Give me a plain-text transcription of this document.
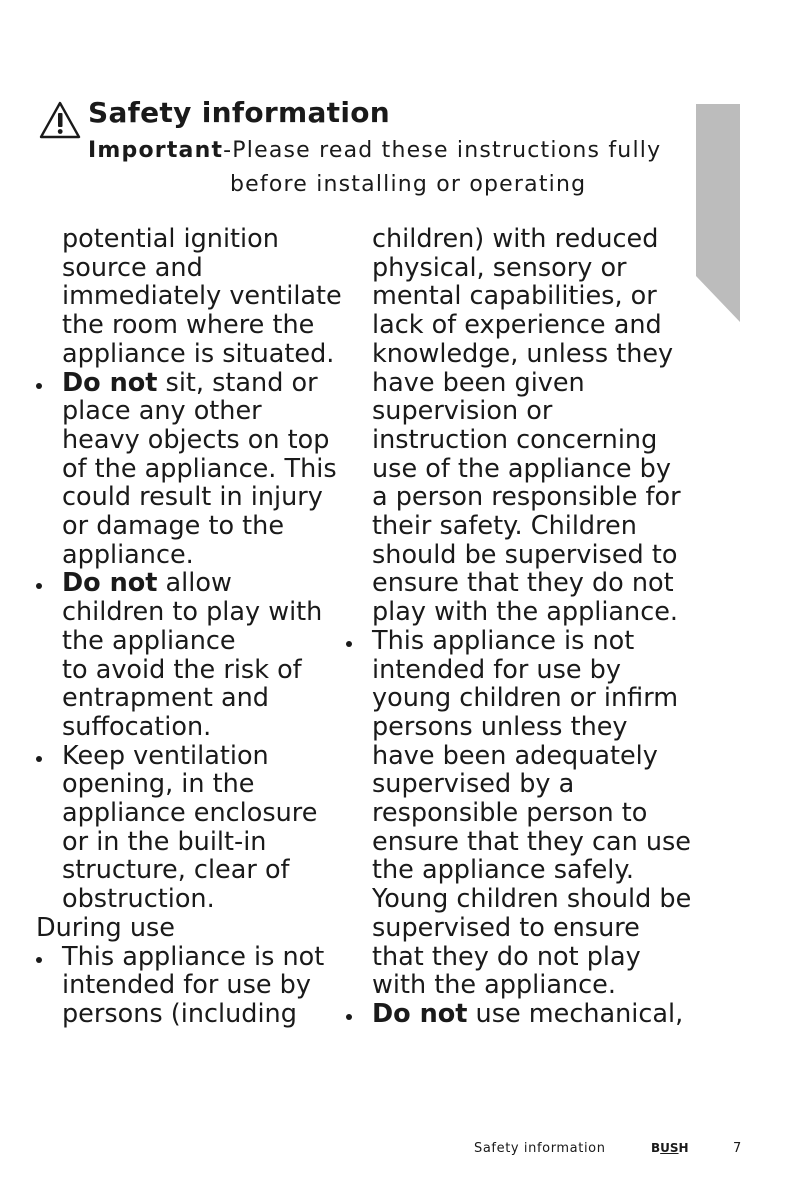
Safety information
Important-Please read these instructions fully
before installing or operating

potential ignition source and immediately ventilate the room where the appliance is situated.

Do not sit, stand or place any other heavy objects on top of the appliance. This could result in injury or damage to the appliance.
Do not allow children to play with the appliance
to avoid the risk of entrapment and suffocation.
Keep ventilation opening, in the appliance enclosure or in the built-in structure, clear of obstruction.

During use

This appliance is not intended for use by persons (including

children) with reduced physical, sensory or mental capabilities, or lack of experience and knowledge, unless they have been given supervision or instruction concerning use of the appliance by a person responsible for their safety. Children should be supervised to ensure that they do not play with the appliance.

This appliance is not intended for use by young children or infirm persons unless they have been adequately supervised by a responsible person to ensure that they can use the appliance safely. Young children should be supervised to ensure that they do not play with the appliance.
Do not use mechanical,
Safety information	BUSH	7
